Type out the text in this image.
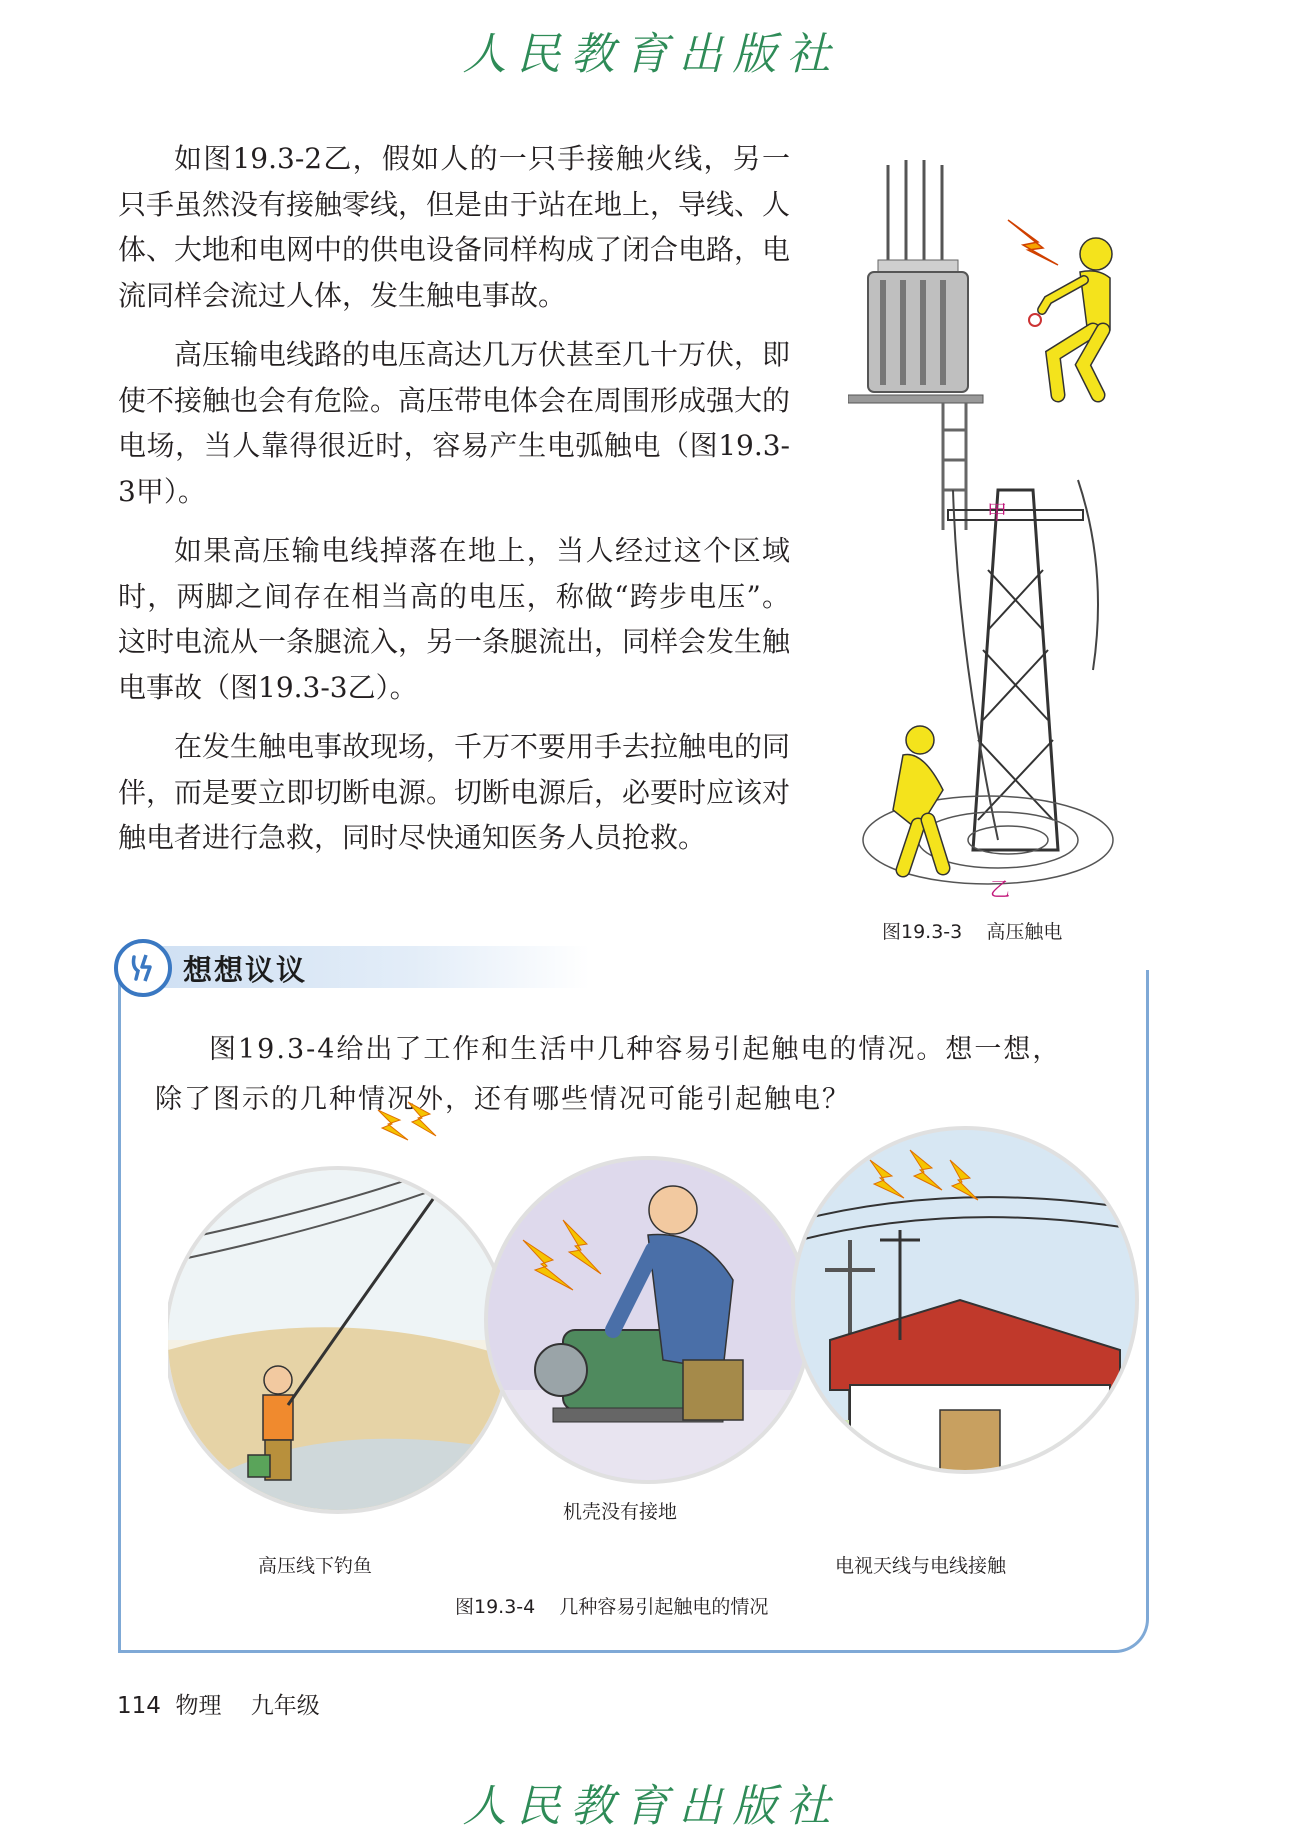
人民教育出版社

如图19.3-2乙，假如人的一只手接触火线，另一只手虽然没有接触零线，但是由于站在地上，导线、人体、大地和电网中的供电设备同样构成了闭合电路，电流同样会流过人体，发生触电事故。

高压输电线路的电压高达几万伏甚至几十万伏，即使不接触也会有危险。高压带电体会在周围形成强大的电场，当人靠得很近时，容易产生电弧触电（图19.3-3甲）。

如果高压输电线掉落在地上，当人经过这个区域时，两脚之间存在相当高的电压，称做“跨步电压”。这时电流从一条腿流入，另一条腿流出，同样会发生触电事故（图19.3-3乙）。

在发生触电事故现场，千万不要用手去拉触电的同伴，而是要立即切断电源。切断电源后，必要时应该对触电者进行急救，同时尽快通知医务人员抢救。

甲
乙
图19.3-3    高压触电
想想议议
图19.3-4给出了工作和生活中几种容易引起触电的情况。想一想，
除了图示的几种情况外，还有哪些情况可能引起触电？
高压线下钓鱼
机壳没有接地
电视天线与电线接触
图19.3-4    几种容易引起触电的情况
114  物理    九年级
人民教育出版社
